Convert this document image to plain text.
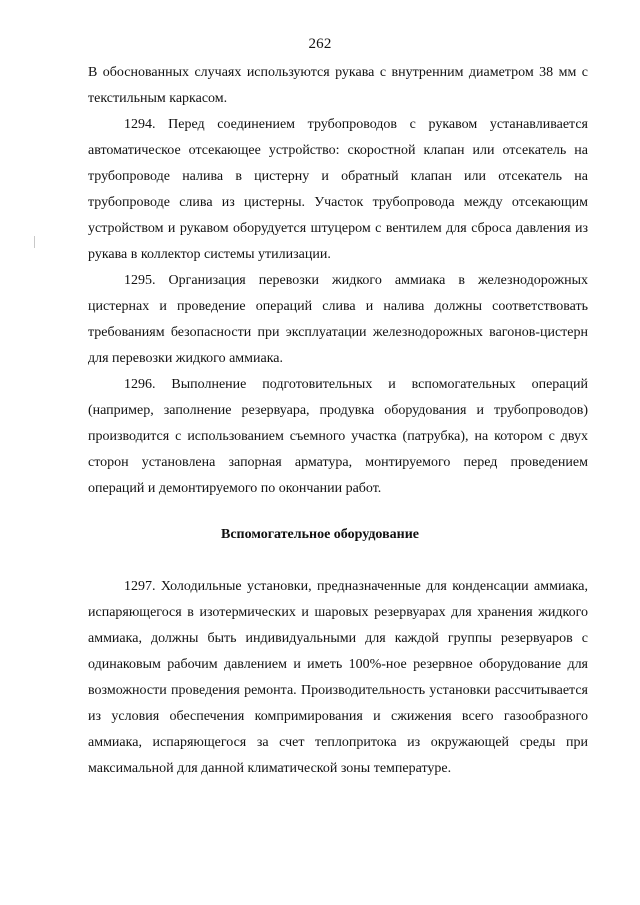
262

В обоснованных случаях используются рукава с внутренним диаметром 38 мм с текстильным каркасом.

1294. Перед соединением трубопроводов с рукавом устанавливается автоматическое отсекающее устройство: скоростной клапан или отсекатель на трубопроводе налива в цистерну и обратный клапан или отсекатель на трубопроводе слива из цистерны. Участок трубопровода между отсекающим устройством и рукавом оборудуется штуцером с вентилем для сброса давления из рукава в коллектор системы утилизации.

1295. Организация перевозки жидкого аммиака в железнодорожных цистернах и проведение операций слива и налива должны соответствовать требованиям безопасности при эксплуатации железнодорожных вагонов-цистерн для перевозки жидкого аммиака.

1296. Выполнение подготовительных и вспомогательных операций (например, заполнение резервуара, продувка оборудования и трубопроводов) производится с использованием съемного участка (патрубка), на котором с двух сторон установлена запорная арматура, монтируемого перед проведением операций и демонтируемого по окончании работ.

Вспомогательное оборудование

1297. Холодильные установки, предназначенные для конденсации аммиака, испаряющегося в изотермических и шаровых резервуарах для хранения жидкого аммиака, должны быть индивидуальными для каждой группы резервуаров с одинаковым рабочим давлением и иметь 100%-ное резервное оборудование для возможности проведения ремонта. Производительность установки рассчитывается из условия обеспечения компримирования и сжижения всего газообразного аммиака, испаряющегося за счет теплопритока из окружающей среды при максимальной для данной климатической зоны температуре.
